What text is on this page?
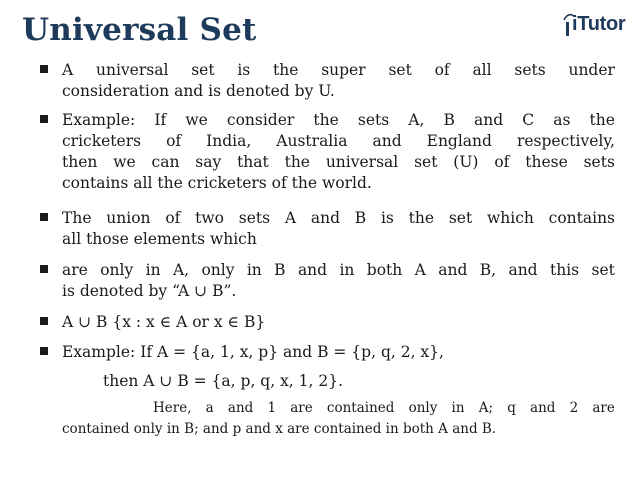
Universal Set	iTutor
A universal set is the super set of all sets under
consideration and is denoted by U.
Example: If we consider the sets A, B and C as the
cricketers of India, Australia and England respectively,
then we can say that the universal set (U) of these sets
contains all the cricketers of the world.
The union of two sets A and B is the set which contains
all those elements which
are only in A, only in B and in both A and B, and this set
is denoted by “A ∪ B”.
A ∪ B {x : x ∈ A or x ∈ B}
Example: If A = {a, 1, x, p} and B = {p, q, 2, x},
then A ∪ B = {a, p, q, x, 1, 2}.
Here, a and 1 are contained only in A; q and 2 are
contained only in B; and p and x are contained in both A and B.
